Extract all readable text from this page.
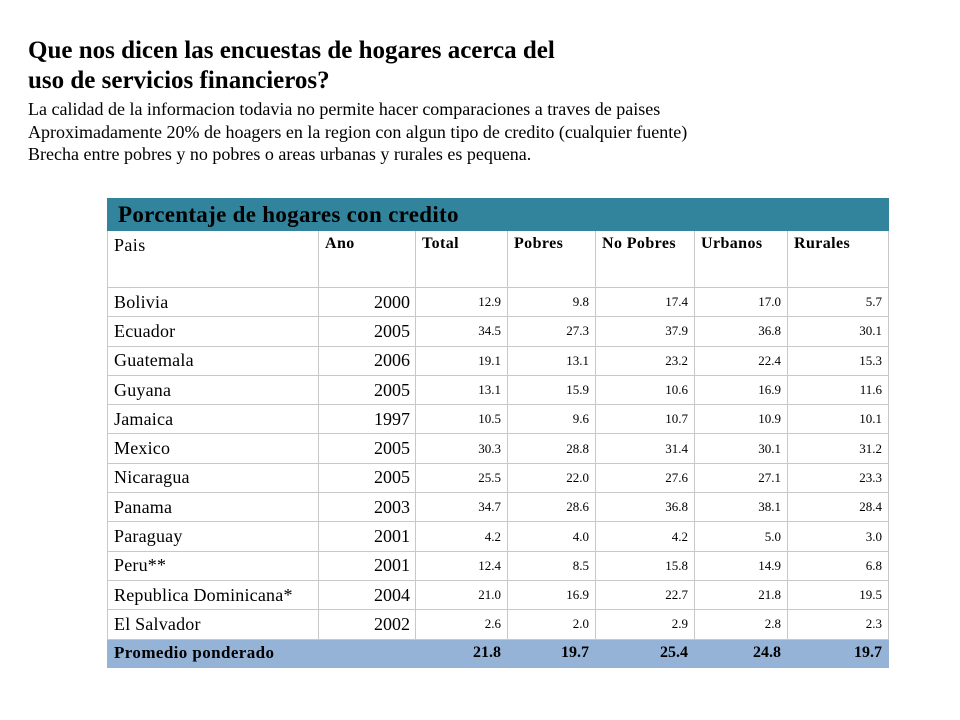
Que nos dicen las encuestas de hogares acerca del
uso de servicios financieros?
La calidad de la informacion todavia no permite hacer comparaciones a traves de paises
Aproximadamente 20% de hoagers en la region con algun tipo de credito (cualquier fuente)
Brecha entre pobres y no pobres o areas urbanas y rurales es pequena.
Porcentaje de hogares con credito						
Pais	Ano	Total	Pobres	No Pobres	Urbanos	Rurales
Bolivia	2000	12.9	9.8	17.4	17.0	5.7
Ecuador	2005	34.5	27.3	37.9	36.8	30.1
Guatemala	2006	19.1	13.1	23.2	22.4	15.3
Guyana	2005	13.1	15.9	10.6	16.9	11.6
Jamaica	1997	10.5	9.6	10.7	10.9	10.1
Mexico	2005	30.3	28.8	31.4	30.1	31.2
Nicaragua	2005	25.5	22.0	27.6	27.1	23.3
Panama	2003	34.7	28.6	36.8	38.1	28.4
Paraguay	2001	4.2	4.0	4.2	5.0	3.0
Peru**	2001	12.4	8.5	15.8	14.9	6.8
Republica Dominicana*	2004	21.0	16.9	22.7	21.8	19.5
El Salvador	2002	2.6	2.0	2.9	2.8	2.3
Promedio ponderado		21.8	19.7	25.4	24.8	19.7
